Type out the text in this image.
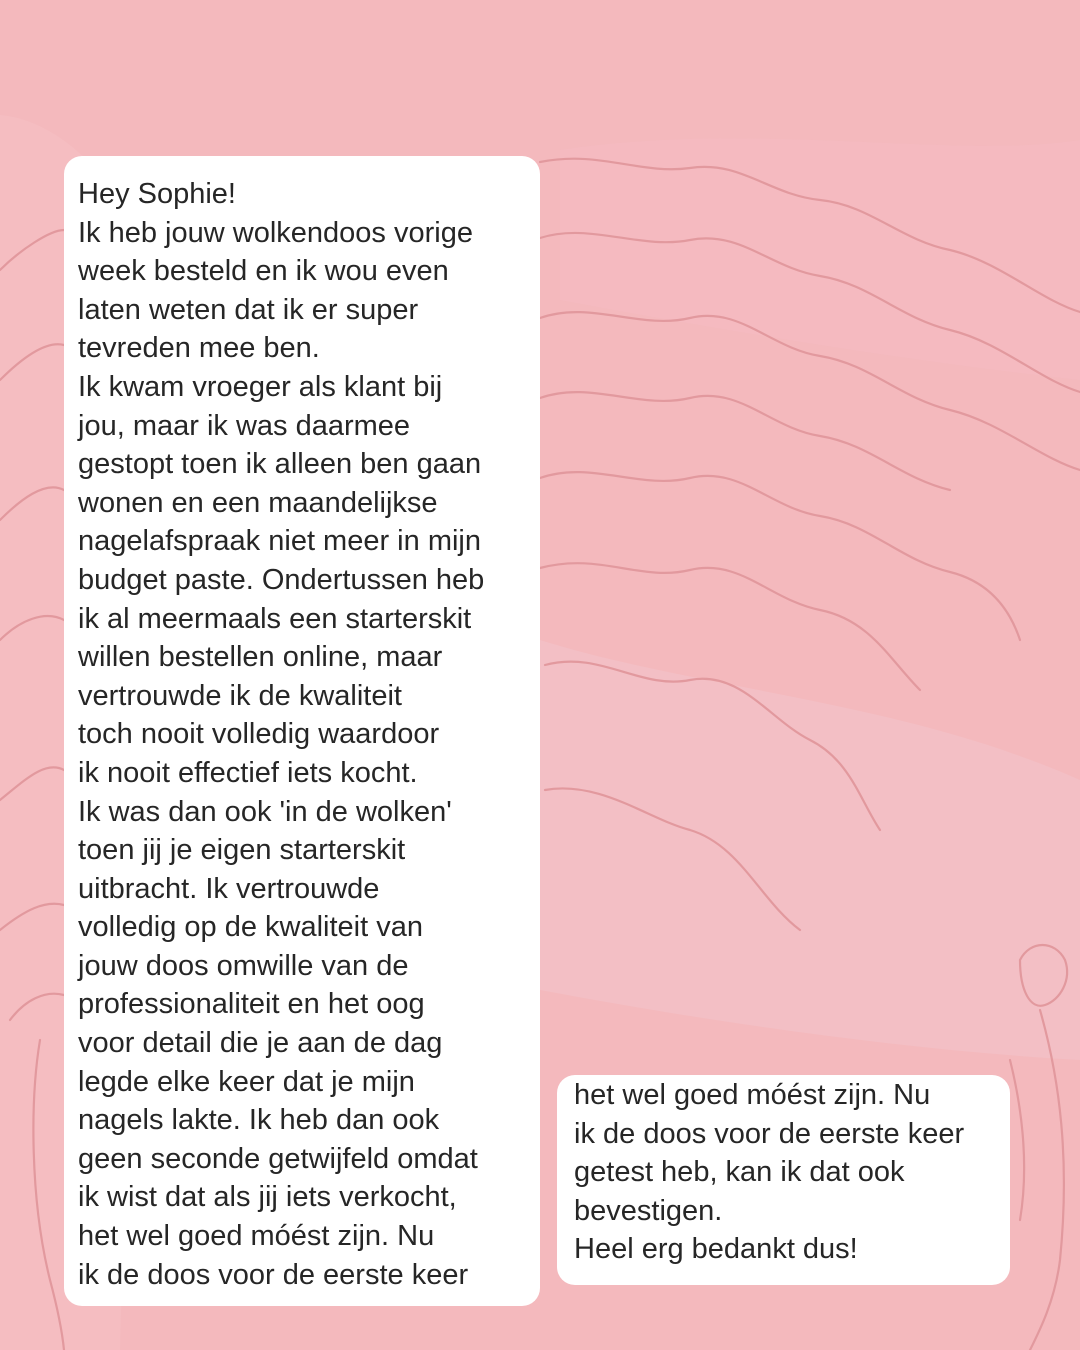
Hey Sophie!
Ik heb jouw wolkendoos vorige
week besteld en ik wou even
laten weten dat ik er super
tevreden mee ben.
Ik kwam vroeger als klant bij
jou, maar ik was daarmee
gestopt toen ik alleen ben gaan
wonen en een maandelijkse
nagelafspraak niet meer in mijn
budget paste. Ondertussen heb
ik al meermaals een starterskit
willen bestellen online, maar
vertrouwde ik de kwaliteit
toch nooit volledig waardoor
ik nooit effectief iets kocht.
Ik was dan ook 'in de wolken'
toen jij je eigen starterskit
uitbracht. Ik vertrouwde
volledig op de kwaliteit van
jouw doos omwille van de
professionaliteit en het oog
voor detail die je aan de dag
legde elke keer dat je mijn
nagels lakte. Ik heb dan ook
geen seconde getwijfeld omdat
ik wist dat als jij iets verkocht,
het wel goed móést zijn. Nu
ik de doos voor de eerste keer
het wel goed móést zijn. Nu
ik de doos voor de eerste keer
getest heb, kan ik dat ook
bevestigen.
Heel erg bedankt dus!
